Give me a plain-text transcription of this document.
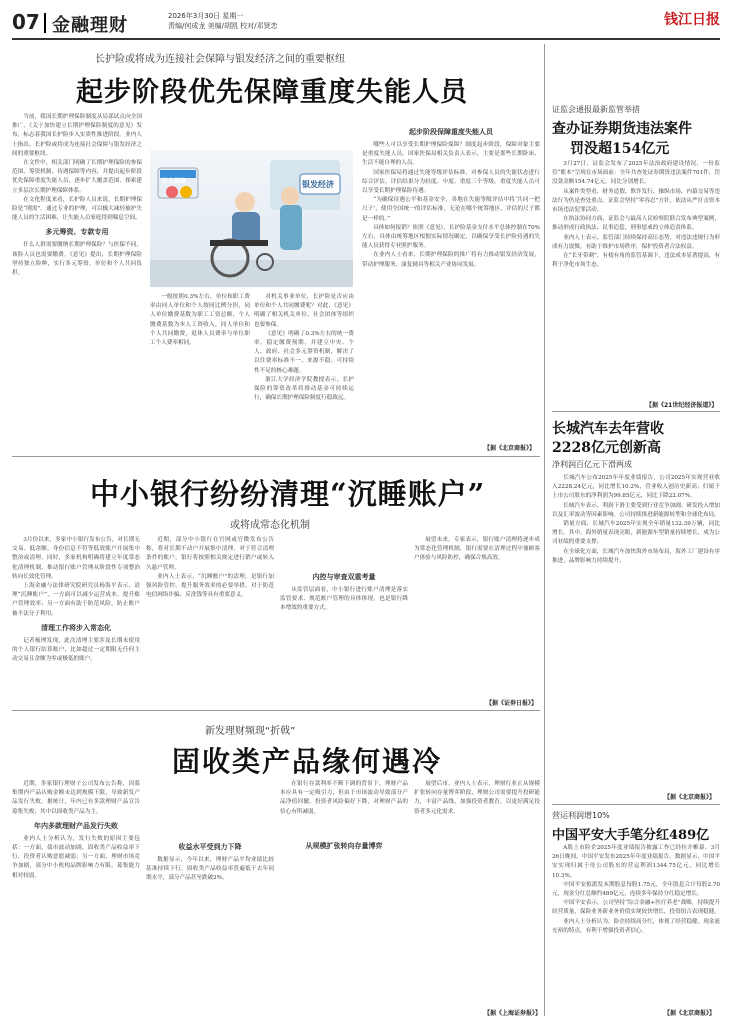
07 金融理财	2026年3月30日 星期一
责编/何成龙 美编/胡凯 校对/邓贤恋	钱江日报
长护险或将成为连接社会保障与银发经济之间的重要枢纽
起步阶段优先保障重度失能人员

当前，我国长期护理保险制度从局部试点向全国推广。《关于加快建立长期护理保险制度的意见》发布，标志着我国长护险步入实质性推进阶段。业内人士指出，长护险或将成为连接社会保障与银发经济之间的重要枢纽。

在文件中，相关部门明确了长期护理保险的参保范围、筹资机制、待遇保障等内容，并提出起步阶段优先保障重度失能人员，逐步扩大覆盖范围，探索建立多层次长期护理保障体系。

在文化程度来看，长护险人员来说，长期护理保险是“刚需”。通过专业的护理，可以极大减轻被护失能人员的生活困难，让失能人员家庭得到喘息空间。

多元筹资、专款专用

什么人群需要缴纳长期护理保险？与医保不同，该险人员也需要缴费。《意见》提出，长期护理保险坚持独立险种，实行多元筹资，单位和个人共同负担。

社会保障	银发经济

一般按照0.3%左右，单位和职工费率由同人单位和个人按同比例分担，同人单位缴费基数为职工工资总额，个人缴费基数为本人工资收入。同人单位和个人共同缴费，退休人员费率与单位职工个人费率相同。

对机关事业单位，长护险是否应由单位和个人共同缴费呢？对此，《意见》明确了相关机关单位、社会团体等组织也要参保。

《意见》明确了0.3%左右的统一费率，稳定缴费预期，并建立中央、个人、政府、社会多元筹资机制，解决了以往费率标准不一、来源不稳、可持续性不足的核心难题。

浙江大学经济学院教授表示，长护保险的筹资改革将推动基金可持续运行，确保长期护理保险制度行稳致远。

起步阶段保障重度失能人员

哪些人可以享受长期护理保险保障？制度起步阶段，保障对象主要是重度失能人员。国家医保局相关负责人表示，主要是那些长期卧床、生活不能自理的人员。

国家医保局将通过失能等级评估标准，对参保人员的失能状态进行综合评估。评估结果分为轻度、中度、重度三个等级，重度失能人员可以享受长期护理保险待遇。

“为确保待遇公平和基金安全，各地在失能等级评估中将‘共同一把尺子’，使用全国统一的评估标准，无论在哪个统筹地区，评估的尺子都是一样的。”

具体如何报销？依照《意见》，长护险基金支付水平总体控制在70%左右，具体由统筹地区根据实际情况确定，以确保享受长护险待遇的失能人员获得专业照护服务。

在业内人士看来，长期护理保险的推广将有力推动银发经济发展，带动护理服务、康复辅具等相关产业协同发展。

【据《北京商报》】
中小银行纷纷清理“沉睡账户”
或将成常态化机制

3月份以来，多家中小银行发布公告，对长期无交易、低余额、身份信息不符等低效账户开展集中整治或清理。同时，多家机构明确将建立年度常态化清理机制，推动银行账户管理从阶段性专项整治转向长效化管理。

上海金融与法律研究院研究员杨海平表示，清理“沉睡账户”，一方面可以减少运营成本，提升账户管理效率；另一方面有助于防范风险，防止账户被不法分子利用。

清理工作将步入常态化

记者梳理发现，此次清理主要涉及长期未使用的个人银行结算账户，比如超过一定期限无任何主动交易且余额为零或极低的账户。

近期，部分中小银行在官网或官微发布公告称，将对长期不动户开展集中清理。对于符合清理条件的账户，银行将按照相关规定进行销户或转入久悬户管理。

业内人士表示，“沉睡账户”的清理，是银行加强风险管控、提升服务效率的必要举措，对于防范电信网络诈骗、反洗钱等具有重要意义。

内控与审查双重考量

从监管层面看，中小银行进行账户清理是落实监管要求、规范账户管理的具体体现，也是银行降本增效的重要方式。

展望未来，专家表示，银行账户清理将逐步成为常态化管理机制，银行需要在清理过程中兼顾客户体验与风险防控，确保合规高效。

【据《证券日报》】
新发理财频现“折戟”
固收类产品缘何遇冷

近期，多家银行理财子公司发布公告称，因募集期内产品认购金额未达到规模下限，导致新发产品发行失败。据统计，年内已有多款理财产品宣告募集失败，其中以固收类产品为主。

年内多款理财产品发行失败

业内人士分析认为，发行失败的原因主要包括：一方面，债市波动加剧，固收类产品收益率下行，投资者认购意愿减弱；另一方面，理财市场竞争加剧，部分中小机构品牌影响力有限，募集能力相对较弱。

收益水平受到力下降

数据显示，今年以来，理财产品平均业绩比较基准持续下行，固收类产品收益率普遍低于去年同期水平，部分产品甚至跌破2%。

在银行存款利率不断下调的背景下，理财产品本应具有一定吸引力，但由于市场波动导致部分产品净值回撤，投资者风险偏好下降，对理财产品的信心有所减弱。

从规模扩张转向存量博弈

展望后市，业内人士表示，理财行业正从规模扩张转向存量博弈阶段，理财公司需要提升投研能力，丰富产品线，加强投资者教育，以更好满足投资者多元化需求。

【据《上海证券报》】
证监会通报最新监管举措
查办证券期货违法案件
罚没超154亿元

3月27日，证监会发布了2025年法治政府建设情况，一份监管“账本”呈现在市场面前：全年共查处证券期货违法案件701件，罚没款金额154.74亿元，同比分别增长。

从案件类型看，财务造假、欺诈发行、操纵市场、内幕交易等违法行为仍是查处重点。证监会坚持“零容忍”方针，依法从严打击资本市场违法犯罪活动。

在执法协同方面，证监会与最高人民检察院联合发布典型案例，推动形成行政执法、民事追偿、刑事惩戒的立体追责体系。

业内人士表示，监管部门持续保持高压态势，对违法违规行为形成有力震慑，有助于维护市场秩序，保护投资者合法权益。

在“长牙带刺”、有棱有角的监管基调下，违法成本显著提高，有利于净化市场生态。

【据《21世纪经济报道》】
长城汽车去年营收
2228亿元创新高
净利润百亿元下滑两成

长城汽车公布2025年年度业绩报告，公司2025年实现营业收入2228.24亿元，同比增长10.2%，营业收入创历史新高；归属于上市公司股东的净利润为99.85亿元，同比下降22.07%。

长城汽车表示，利润下滑主要受到行业竞争加剧、研发投入增加以及汇率波动等因素影响。公司持续推进新能源转型和全球化布局。

销量方面，长城汽车2025年实现全年销量132.39万辆，同比增长。其中，海外销量表现亮眼，新能源车型销量持续增长，成为公司业绩的重要支撑。

在全球化方面，长城汽车加快海外市场布局，海外工厂建设有序推进，品牌影响力持续提升。

【据《北京商报》】
营运利润增10%
中国平安大手笔分红489亿

A股上市险企2025年度业绩报告披露工作已经拉开帷幕。3月26日晚间，中国平安发布2025年年度业绩报告。数据显示，中国平安实现归属于母公司股东的营运利润1344.75亿元，同比增长10.3%。

中国平安拟派发末期股息每股1.75元，全年股息合计每股2.70元，现金分红总额约489亿元，连续多年保持分红稳定增长。

中国平安表示，公司坚持“综合金融+医疗养老”战略，持续提升经营质量，保险业务新业务价值实现较快增长，投资组合表现稳健。

业内人士分析认为，险企持续高分红，体现了经营稳健、现金流充裕的特点，有利于增强投资者信心。

【据《北京商报》】
